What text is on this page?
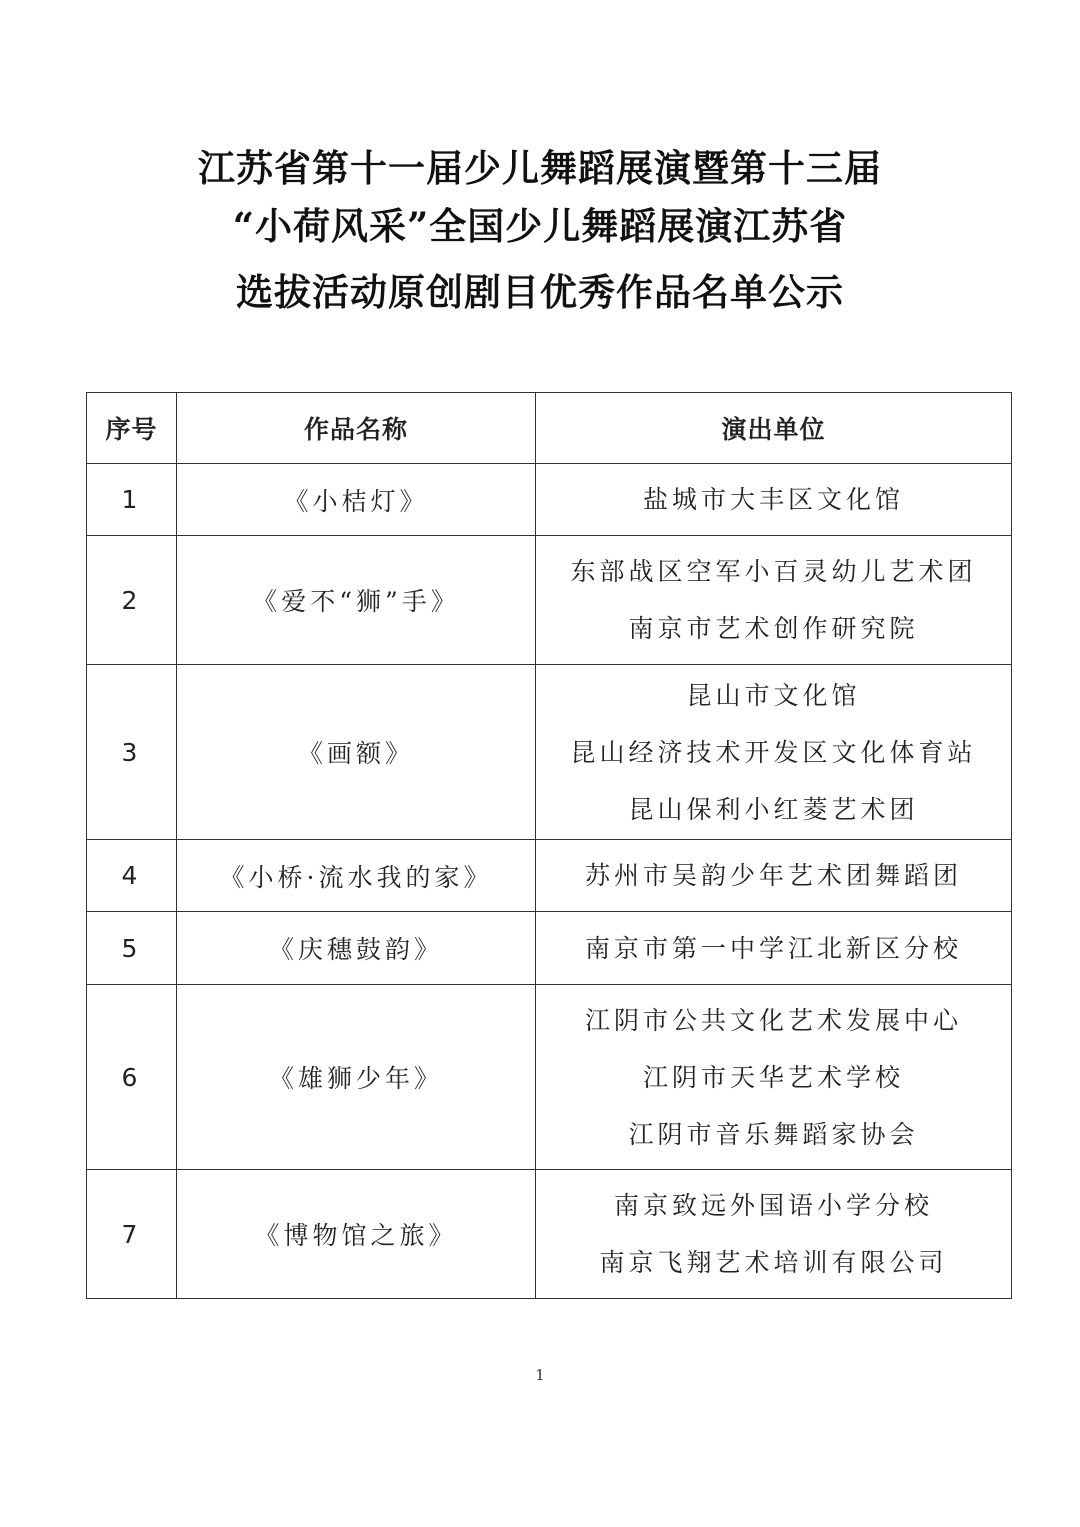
江苏省第十一届少儿舞蹈展演暨第十三届
“小荷风采”全国少儿舞蹈展演江苏省
选拔活动原创剧目优秀作品名单公示
序号	作品名称	演出单位
1	《小桔灯》	盐城市大丰区文化馆

2	《爱不“狮”手》	东部战区空军小百灵幼儿艺术团
南京市艺术创作研究院

3	《画额》	昆山市文化馆
昆山经济技术开发区文化体育站
昆山保利小红菱艺术团

4	《小桥·流水我的家》	苏州市吴韵少年艺术团舞蹈团

5	《庆穗鼓韵》	南京市第一中学江北新区分校

6	《雄狮少年》	江阴市公共文化艺术发展中心
江阴市天华艺术学校
江阴市音乐舞蹈家协会

7	《博物馆之旅》	南京致远外国语小学分校
南京飞翔艺术培训有限公司
1
